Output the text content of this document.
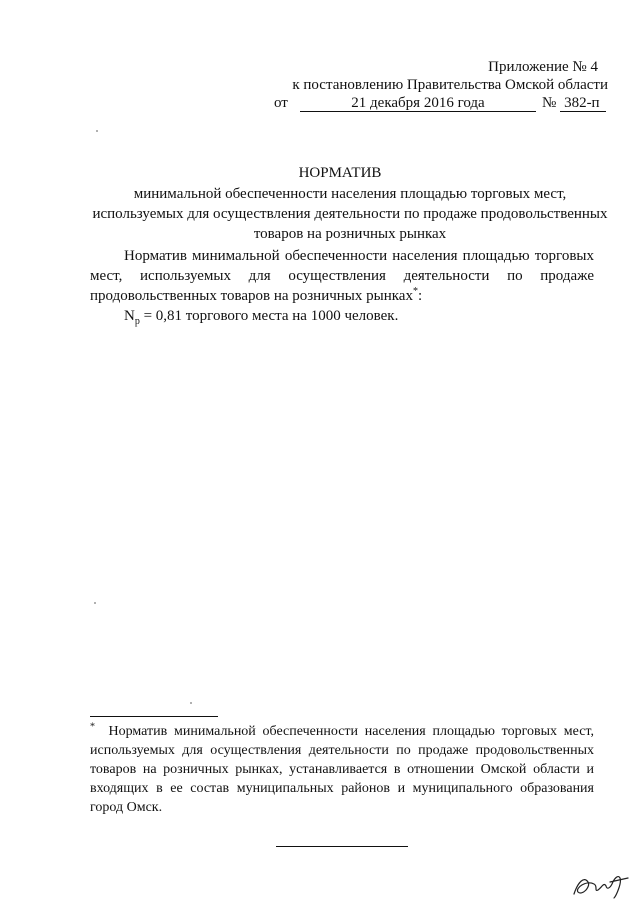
Приложение № 4
к постановлению Правительства Омской области
от	21 декабря 2016 года	№ 382-п
НОРМАТИВ
минимальной обеспеченности населения площадью торговых мест, используемых для осуществления деятельности по продаже продовольственных товаров на розничных рынках
Норматив минимальной обеспеченности населения площадью торговых мест, используемых для осуществления деятельности по продаже продовольственных товаров на розничных рынках*:
$N_р = 0,81$ торгового места на 1000 человек.
* Норматив минимальной обеспеченности населения площадью торговых мест, используемых для осуществления деятельности по продаже продовольственных товаров на розничных рынках, устанавливается в отношении Омской области и входящих в ее состав муниципальных районов и муниципального образования город Омск.
